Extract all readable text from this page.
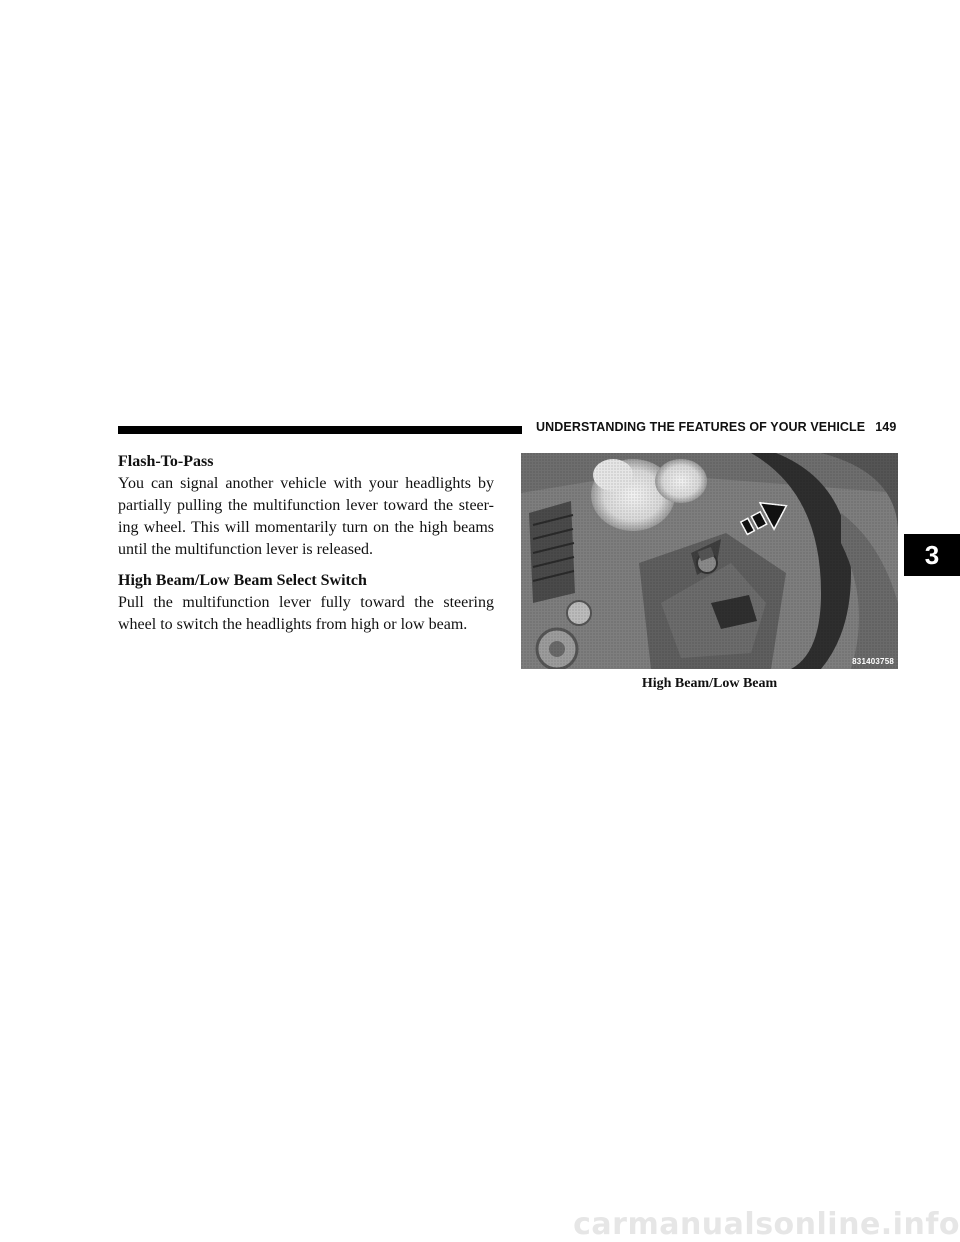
UNDERSTANDING THE FEATURES OF YOUR VEHICLE 149
Flash-To-Pass

You can signal another vehicle with your headlights by partially pulling the multifunction lever toward the steer-ing wheel. This will momentarily turn on the high beams until the multifunction lever is released.

High Beam/Low Beam Select Switch

Pull the multifunction lever fully toward the steering wheel to switch the headlights from high or low beam.

831403758
High Beam/Low Beam
3
carmanualsonline.info
